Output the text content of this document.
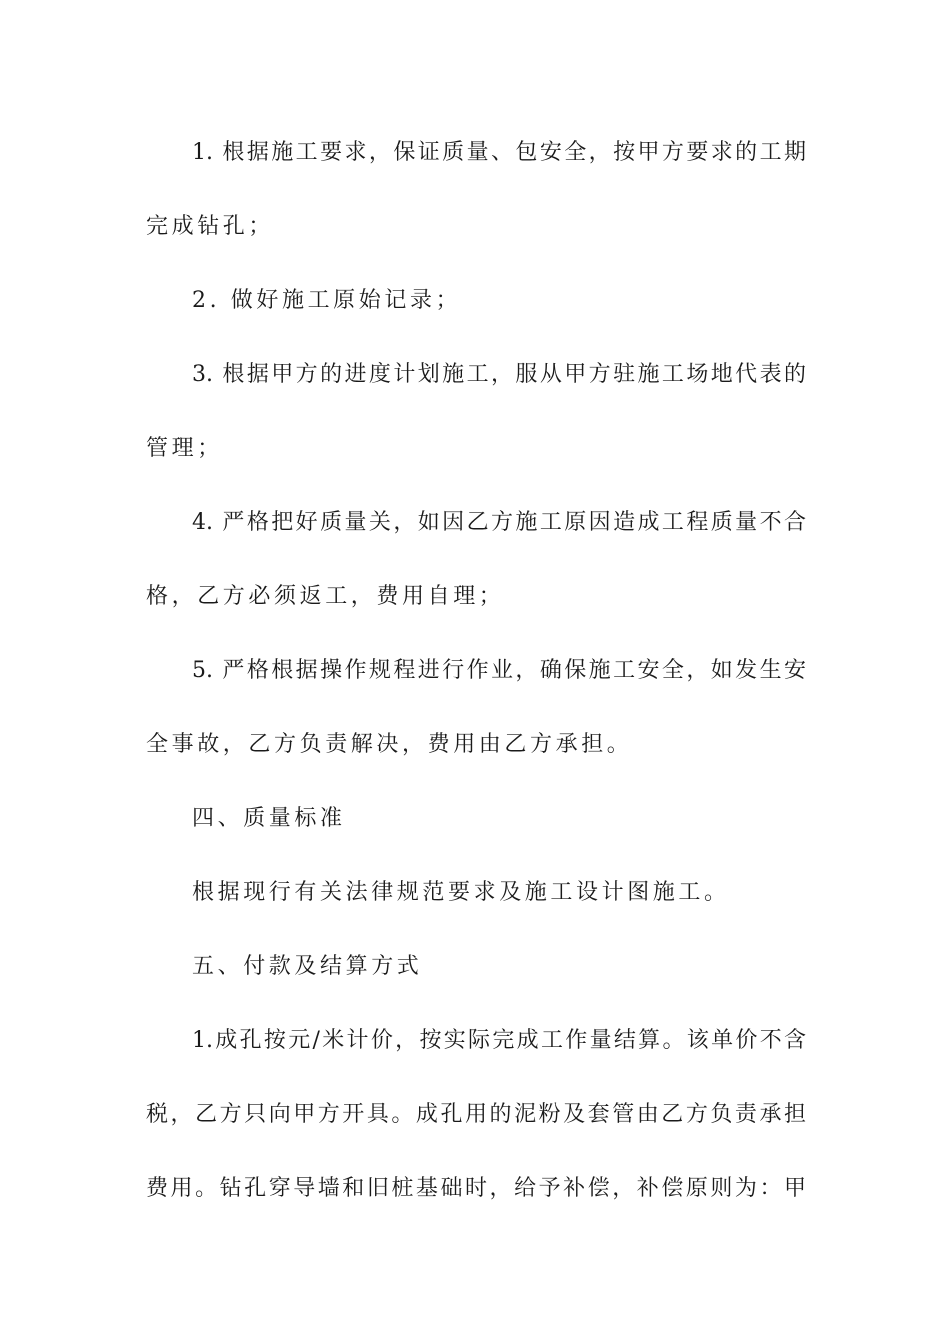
1. 根据施工要求，保证质量、包安全，按甲方要求的工期
完成钻孔；
2. 做好施工原始记录；
3. 根据甲方的进度计划施工，服从甲方驻施工场地代表的
管理；
4. 严格把好质量关，如因乙方施工原因造成工程质量不合
格，乙方必须返工，费用自理；
5. 严格根据操作规程进行作业，确保施工安全，如发生安
全事故，乙方负责解决，费用由乙方承担。
四、质量标准
根据现行有关法律规范要求及施工设计图施工。
五、付款及结算方式
1.成孔按元/米计价，按实际完成工作量结算。该单价不含
税，乙方只向甲方开具。成孔用的泥粉及套管由乙方负责承担
费用。钻孔穿导墙和旧桩基础时，给予补偿，补偿原则为：甲
